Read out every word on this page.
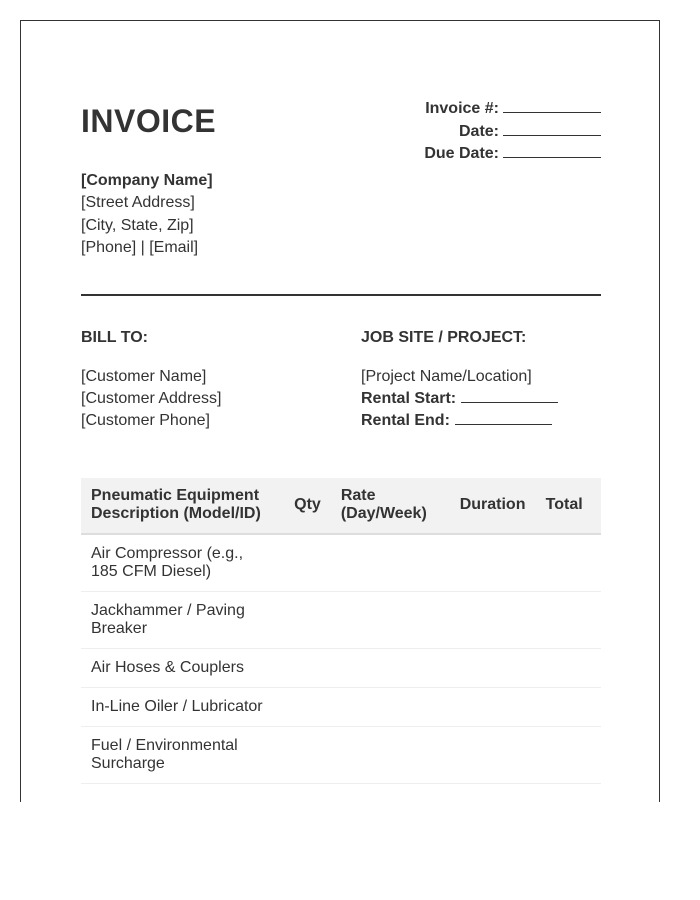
INVOICE	Invoice #:
Date:
Due Date:
[Company Name]
[Street Address]
[City, State, Zip]
[Phone] | [Email]
BILL TO:
[Customer Name]
[Customer Address]
[Customer Phone]
JOB SITE / PROJECT:
[Project Name/Location]
Rental Start:
Rental End:
Pneumatic Equipment Description (Model/ID)	Qty	Rate (Day/Week)	Duration	Total
Air Compressor (e.g., 185 CFM Diesel)				
Jackhammer / Paving Breaker				
Air Hoses & Couplers				
In-Line Oiler / Lubricator				
Fuel / Environmental Surcharge				
